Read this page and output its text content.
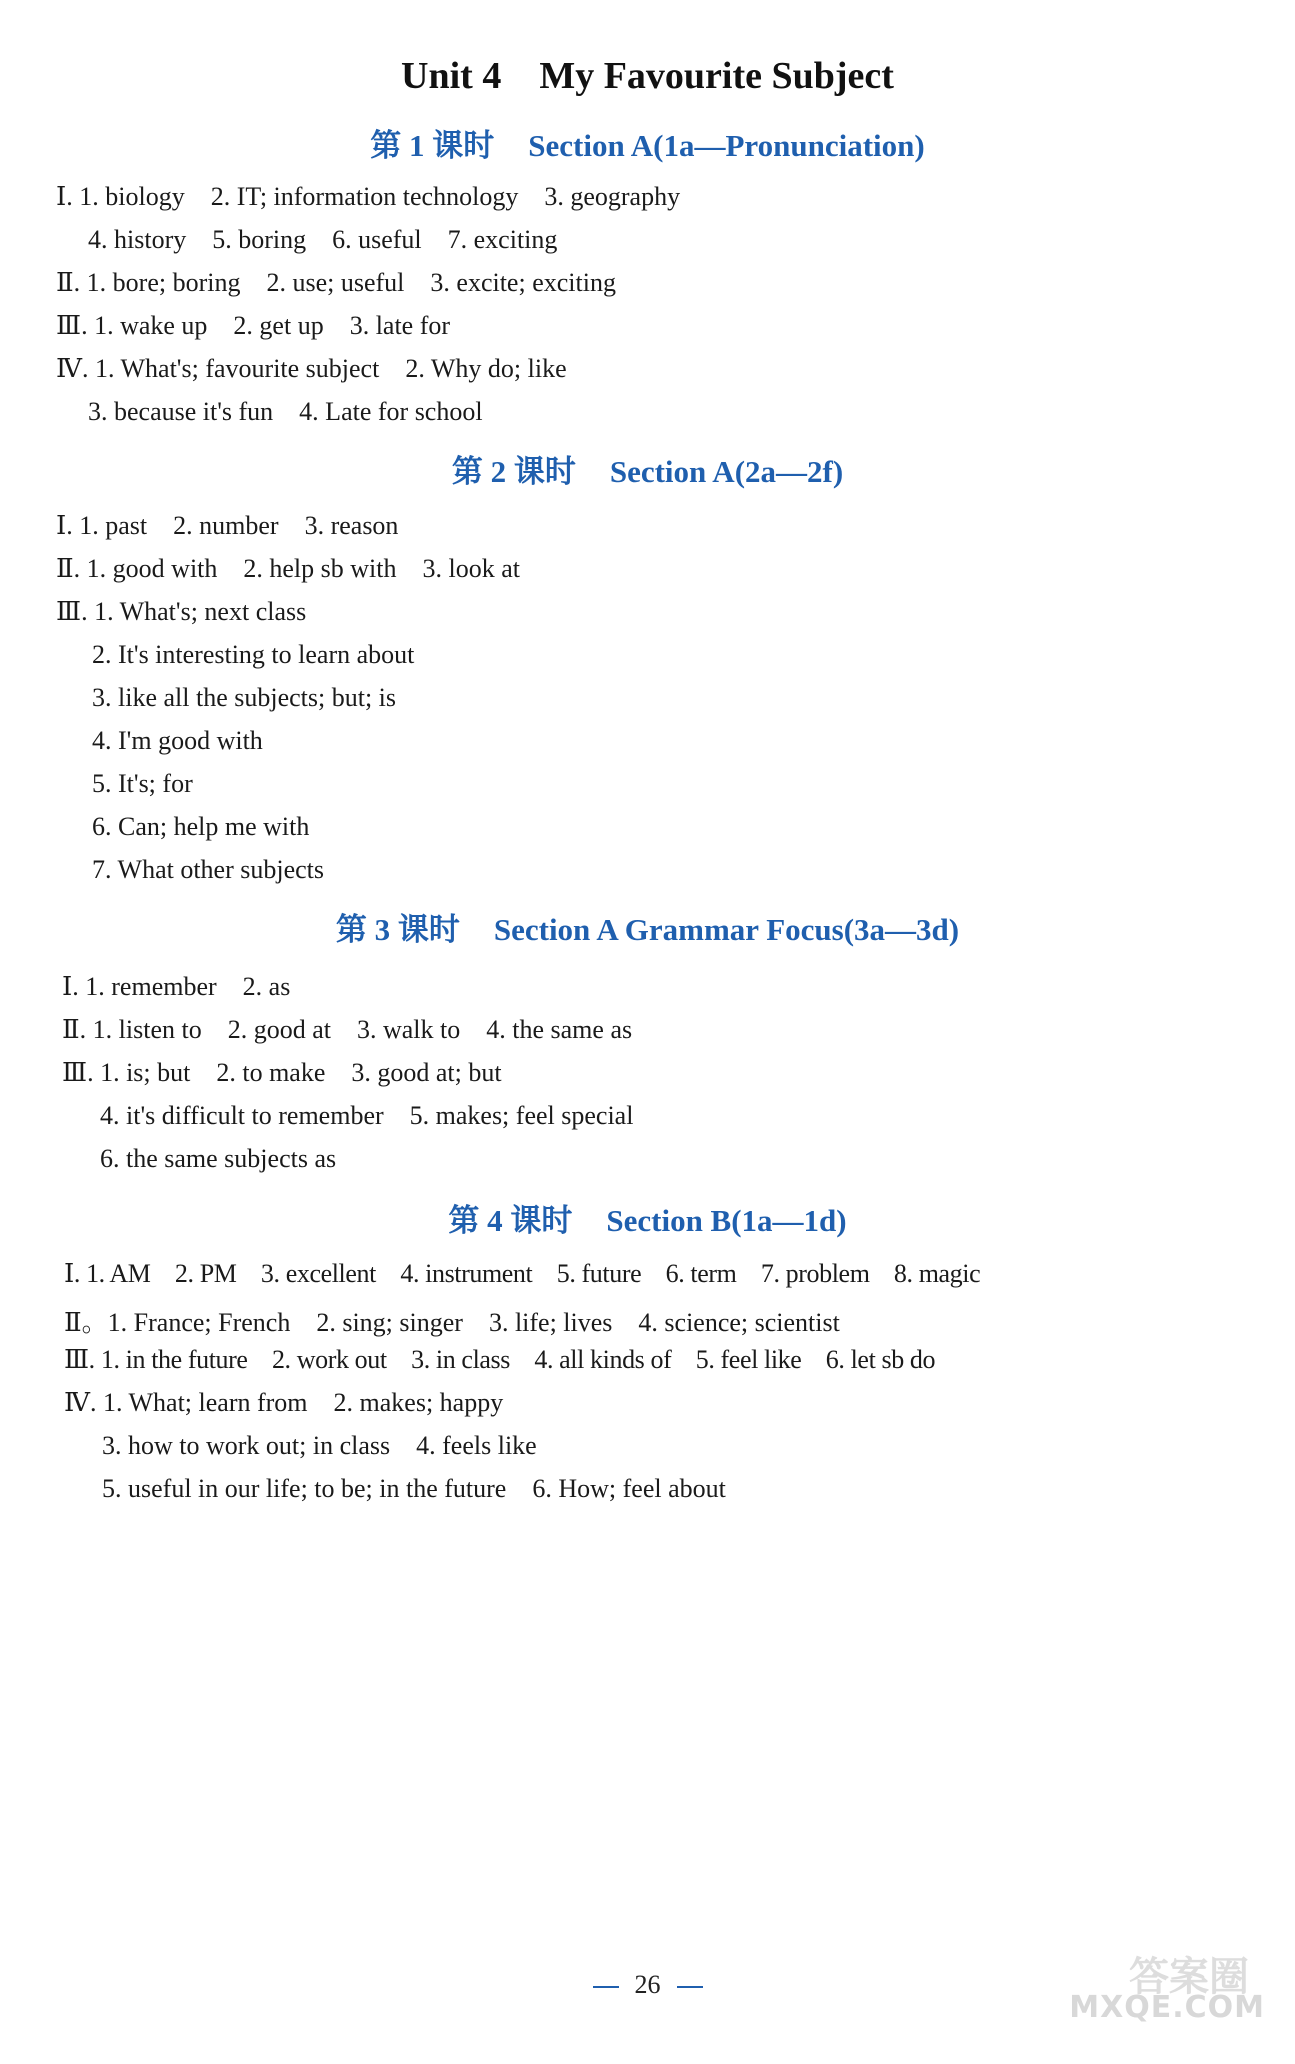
Unit 4    My Favourite Subject
第 1 课时 Section A(1a—Pronunciation)
Ⅰ. 1. biology    2. IT; information technology    3. geography
4. history    5. boring    6. useful    7. exciting
Ⅱ. 1. bore; boring    2. use; useful    3. excite; exciting
Ⅲ. 1. wake up    2. get up    3. late for
Ⅳ. 1. What's; favourite subject    2. Why do; like
3. because it's fun    4. Late for school
第 2 课时 Section A(2a—2f)
Ⅰ. 1. past    2. number    3. reason
Ⅱ. 1. good with    2. help sb with    3. look at
Ⅲ. 1. What's; next class
2. It's interesting to learn about
3. like all the subjects; but; is
4. I'm good with
5. It's; for
6. Can; help me with
7. What other subjects
第 3 课时 Section A Grammar Focus(3a—3d)
Ⅰ. 1. remember    2. as
Ⅱ. 1. listen to    2. good at    3. walk to    4. the same as
Ⅲ. 1. is; but    2. to make    3. good at; but
4. it's difficult to remember    5. makes; feel special
6. the same subjects as
第 4 课时 Section B(1a—1d)
Ⅰ. 1. AM    2. PM    3. excellent    4. instrument    5. future    6. term    7. problem    8. magic
Ⅱ。1. France; French    2. sing; singer    3. life; lives    4. science; scientist
Ⅲ. 1. in the future    2. work out    3. in class    4. all kinds of    5. feel like    6. let sb do
Ⅳ. 1. What; learn from    2. makes; happy
3. how to work out; in class    4. feels like
5. useful in our life; to be; in the future    6. How; feel about
26	答案圈
MXQE.COM
